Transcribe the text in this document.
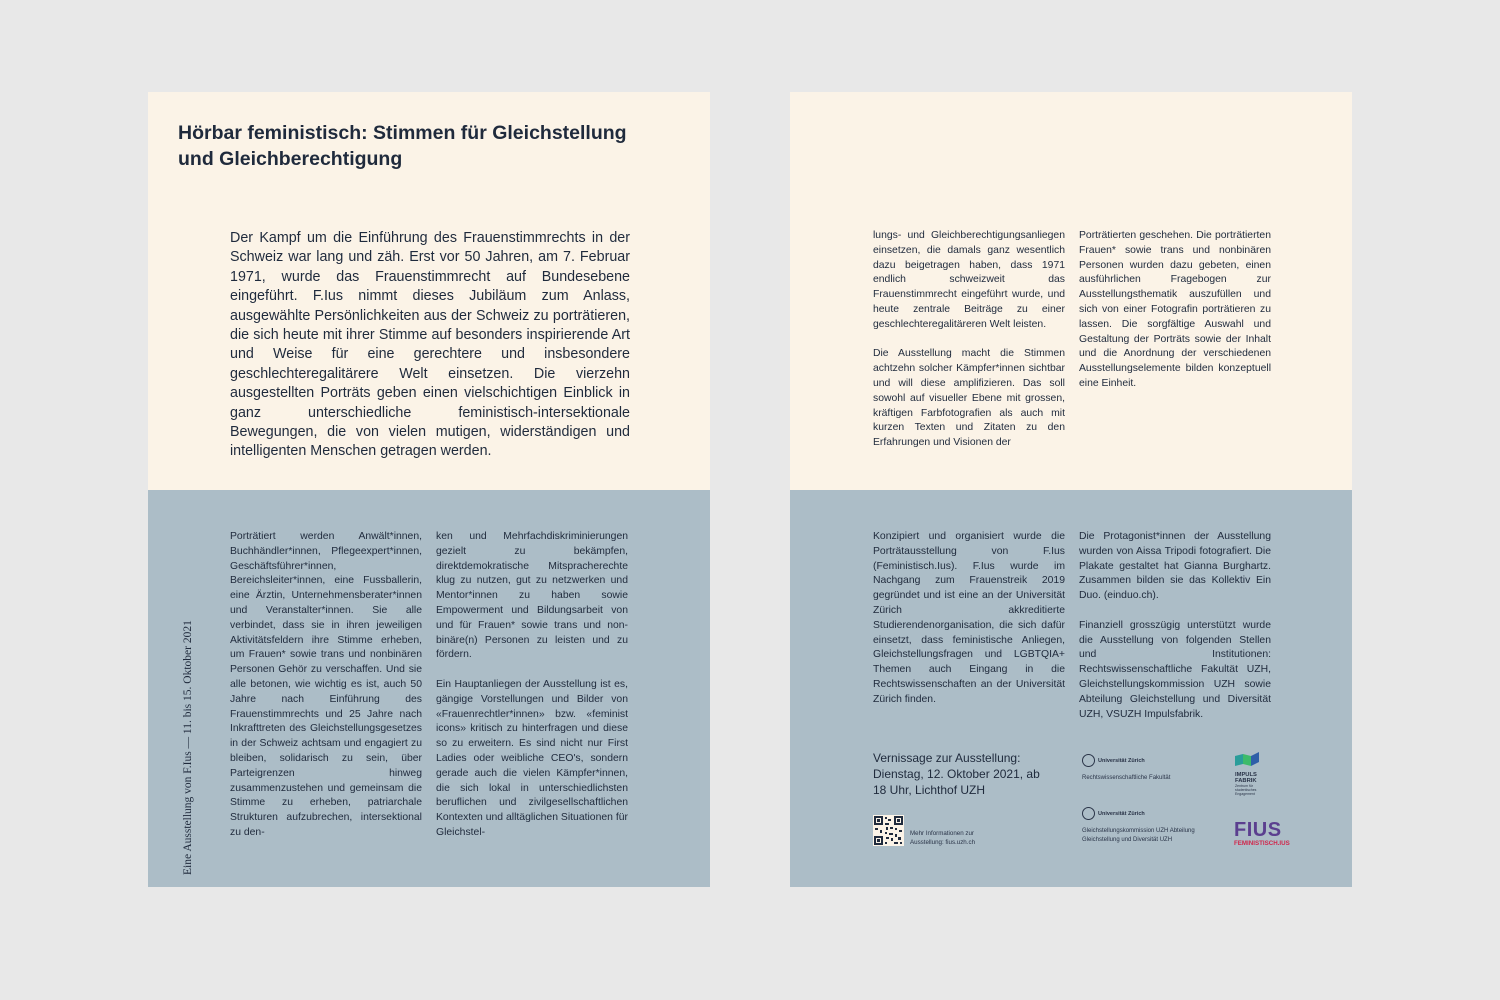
Hörbar feministisch: Stimmen für Gleichstellung und Gleichberechtigung

Der Kampf um die Einführung des Frauenstimmrechts in der Schweiz war lang und zäh. Erst vor 50 Jahren, am 7. Februar 1971, wurde das Frauenstimmrecht auf Bundesebene eingeführt. F.Ius nimmt dieses Jubiläum zum Anlass, ausgewählte Persönlichkeiten aus der Schweiz zu porträtieren, die sich heute mit ihrer Stimme auf besonders inspirierende Art und Weise für eine gerechtere und insbesondere geschlechteregalitärere Welt einsetzen. Die vierzehn ausgestellten Porträts geben einen vielschichtigen Einblick in ganz unterschiedliche feministisch-intersektionale Bewegungen, die von vielen mutigen, widerständigen und intelligenten Menschen getragen werden.

Eine Ausstellung von F.Ius — 11. bis 15. Oktober 2021

Porträtiert werden Anwält*innen, Buchhändler*innen, Pflegeexpert*innen, Geschäftsführer*innen, Bereichsleiter*innen, eine Fussballerin, eine Ärztin, Unternehmensberater*innen und Veranstalter*innen. Sie alle verbindet, dass sie in ihren jeweiligen Aktivitätsfeldern ihre Stimme erheben, um Frauen* sowie trans und nonbinären Personen Gehör zu verschaffen. Und sie alle betonen, wie wichtig es ist, auch 50 Jahre nach Einführung des Frauenstimmrechts und 25 Jahre nach Inkrafttreten des Gleichstellungsgesetzes in der Schweiz achtsam und engagiert zu bleiben, solidarisch zu sein, über Parteigrenzen hinweg zusammenzustehen und gemeinsam die Stimme zu erheben, patriarchale Strukturen aufzubrechen, intersektional zu den-

ken und Mehrfachdiskriminierungen gezielt zu bekämpfen, direktdemokratische Mitspracherechte klug zu nutzen, gut zu netzwerken und Mentor*innen zu haben sowie Empowerment und Bildungsarbeit von und für Frauen* sowie trans und non-binäre(n) Personen zu leisten und zu fördern.

Ein Hauptanliegen der Ausstellung ist es, gängige Vorstellungen und Bilder von «Frauenrechtler*innen» bzw. «feminist icons» kritisch zu hinterfragen und diese so zu erweitern. Es sind nicht nur First Ladies oder weibliche CEO's, sondern gerade auch die vielen Kämpfer*innen, die sich lokal in unterschiedlichsten beruflichen und zivilgesellschaftlichen Kontexten und alltäglichen Situationen für Gleichstel-

lungs- und Gleichberechtigungsanliegen einsetzen, die damals ganz wesentlich dazu beigetragen haben, dass 1971 endlich schweizweit das Frauenstimmrecht eingeführt wurde, und heute zentrale Beiträge zu einer geschlechteregalitäreren Welt leisten.

Die Ausstellung macht die Stimmen achtzehn solcher Kämpfer*innen sichtbar und will diese amplifizieren. Das soll sowohl auf visueller Ebene mit grossen, kräftigen Farbfotografien als auch mit kurzen Texten und Zitaten zu den Erfahrungen und Visionen der

Porträtierten geschehen. Die porträtierten Frauen* sowie trans und nonbinären Personen wurden dazu gebeten, einen ausführlichen Fragebogen zur Ausstellungsthematik auszufüllen und sich von einer Fotografin porträtieren zu lassen. Die sorgfältige Auswahl und Gestaltung der Porträts sowie der Inhalt und die Anordnung der verschiedenen Ausstellungselemente bilden konzeptuell eine Einheit.

Konzipiert und organisiert wurde die Porträtausstellung von F.Ius (Feministisch.Ius). F.Ius wurde im Nachgang zum Frauenstreik 2019 gegründet und ist eine an der Universität Zürich akkreditierte Studierendenorganisation, die sich dafür einsetzt, dass feministische Anliegen, Gleichstellungsfragen und LGBTQIA+ Themen auch Eingang in die Rechtswissenschaften an der Universität Zürich finden.

Die Protagonist*innen der Ausstellung wurden von Aissa Tripodi fotografiert. Die Plakate gestaltet hat Gianna Burghartz. Zusammen bilden sie das Kollektiv Ein Duo. (einduo.ch).

Finanziell grosszügig unterstützt wurde die Ausstellung von folgenden Stellen und Institutionen: Rechtswissenschaftliche Fakultät UZH, Gleichstellungskommission UZH sowie Abteilung Gleichstellung und Diversität UZH, VSUZH Impulsfabrik.

Vernissage zur Ausstellung: Dienstag, 12. Oktober 2021, ab 18 Uhr, Lichthof UZH

Mehr Informationen zur Ausstellung: fius.uzh.ch
Universität Zürich
Rechtswissenschaftliche Fakultät
Universität Zürich
Gleichstellungskommission UZH Abteilung Gleichstellung und Diversität UZH
IMPULS FABRIK
Zentrum für studentisches Engagement
FIUS
FEMINISTISCH.IUS
